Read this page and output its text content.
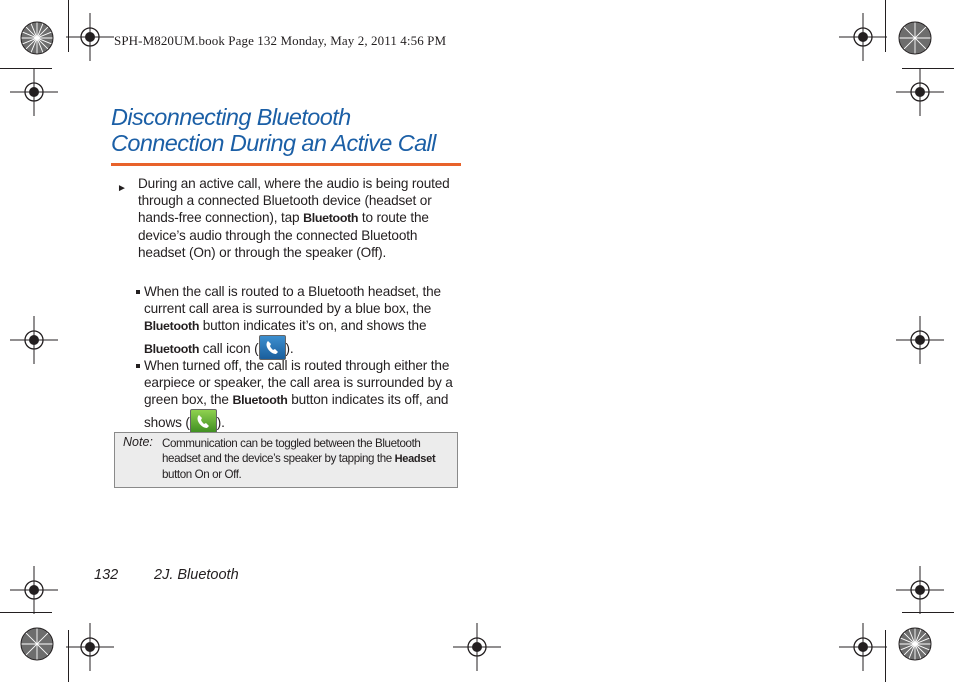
SPH-M820UM.book Page 132 Monday, May 2, 2011 4:56 PM
Disconnecting Bluetooth Connection During an Active Call
► During an active call, where the audio is being routed through a connected Bluetooth device (headset or hands-free connection), tap Bluetooth to route the device’s audio through the connected Bluetooth headset (On) or through the speaker (Off).
When the call is routed to a Bluetooth headset, the current call area is surrounded by a blue box, the Bluetooth button indicates it’s on, and shows the Bluetooth call icon ( ).
When turned off, the call is routed through either the earpiece or speaker, the call area is surrounded by a green box, the Bluetooth button indicates its off, and shows ( ).
Note: Communication can be toggled between the Bluetooth headset and the device’s speaker by tapping the Headset button On or Off.
132 2J. Bluetooth
